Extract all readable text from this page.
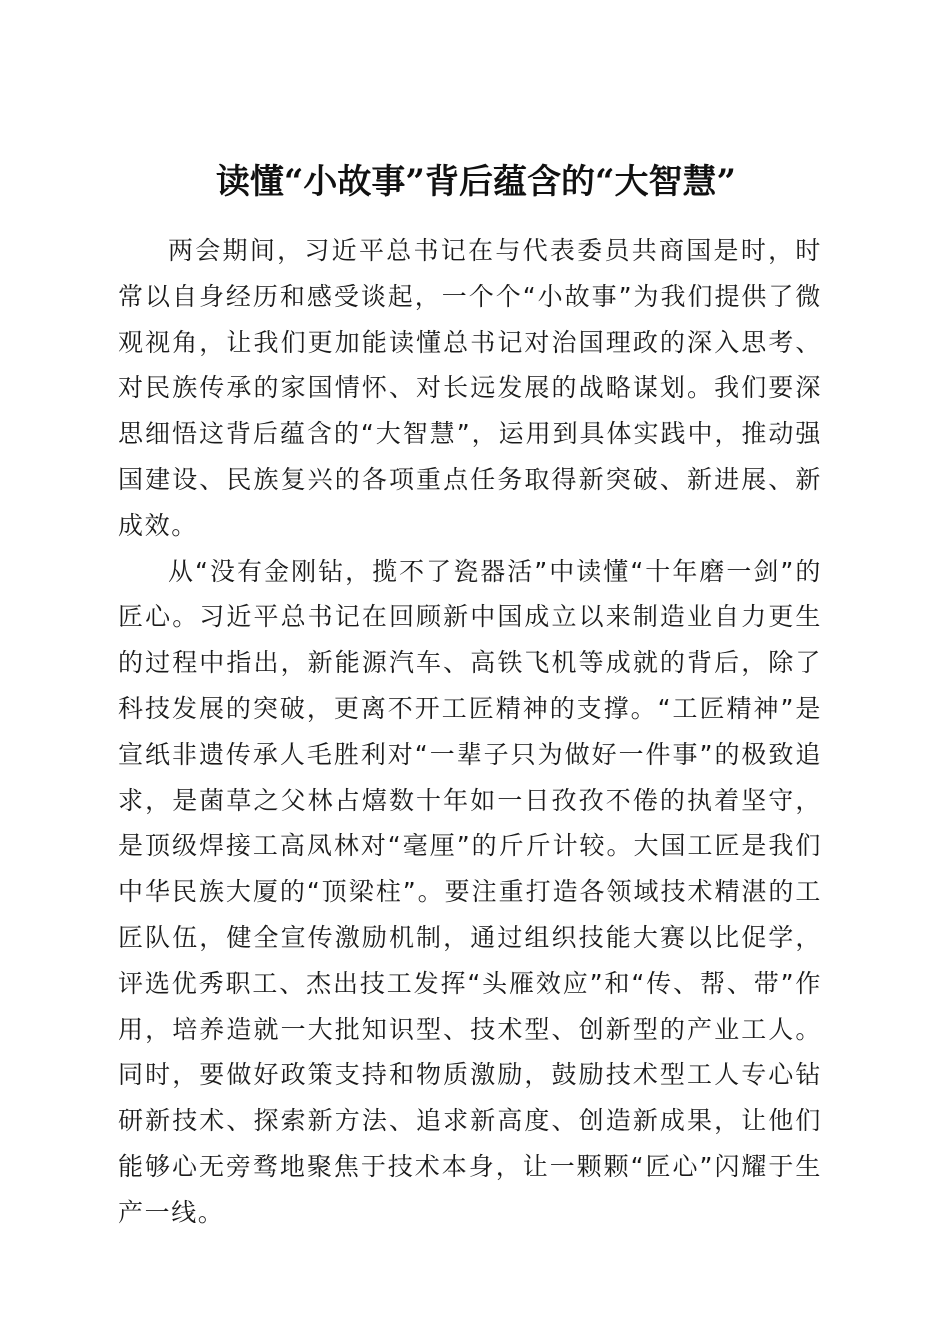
读懂“小故事”背后蕴含的“大智慧”

两会期间，习近平总书记在与代表委员共商国是时，时常以自身经历和感受谈起，一个个“小故事”为我们提供了微观视角，让我们更加能读懂总书记对治国理政的深入思考、对民族传承的家国情怀、对长远发展的战略谋划。我们要深思细悟这背后蕴含的“大智慧”，运用到具体实践中，推动强国建设、民族复兴的各项重点任务取得新突破、新进展、新成效。

从“没有金刚钻，揽不了瓷器活”中读懂“十年磨一剑”的匠心。习近平总书记在回顾新中国成立以来制造业自力更生的过程中指出，新能源汽车、高铁飞机等成就的背后，除了科技发展的突破，更离不开工匠精神的支撑。“工匠精神”是宣纸非遗传承人毛胜利对“一辈子只为做好一件事”的极致追求，是菌草之父林占熺数十年如一日孜孜不倦的执着坚守，是顶级焊接工高凤林对“毫厘”的斤斤计较。大国工匠是我们中华民族大厦的“顶梁柱”。要注重打造各领域技术精湛的工匠队伍，健全宣传激励机制，通过组织技能大赛以比促学，评选优秀职工、杰出技工发挥“头雁效应”和“传、帮、带”作用，培养造就一大批知识型、技术型、创新型的产业工人。同时，要做好政策支持和物质激励，鼓励技术型工人专心钻研新技术、探索新方法、追求新高度、创造新成果，让他们能够心无旁骛地聚焦于技术本身，让一颗颗“匠心”闪耀于生产一线。
